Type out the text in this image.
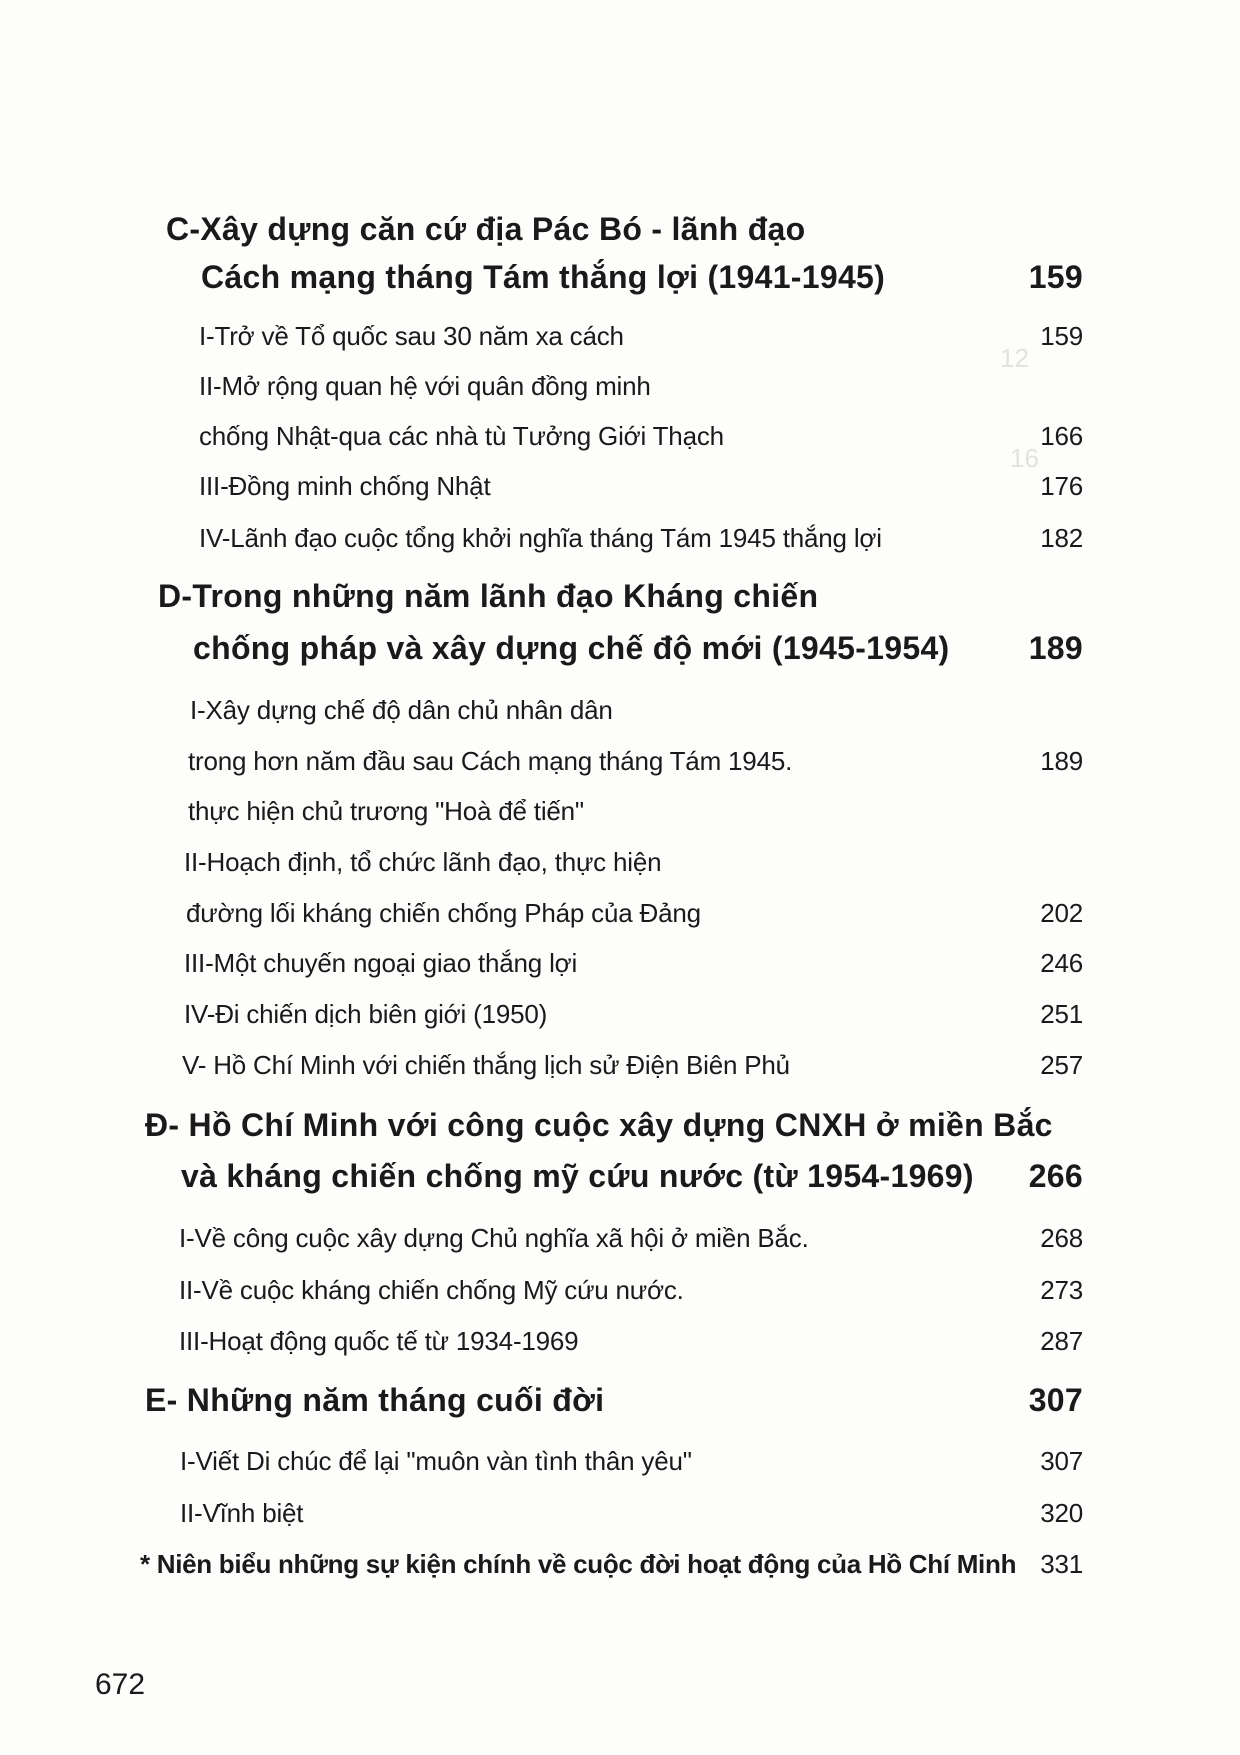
12
16
C-Xây dựng căn cứ địa Pác Bó - lãnh đạo
Cách mạng tháng Tám thắng lợi (1941-1945)	159
I-Trở về Tổ quốc sau 30 năm xa cách	159
II-Mở rộng quan hệ với quân đồng minh
chống Nhật-qua các nhà tù Tưởng Giới Thạch	166
III-Đồng minh chống Nhật	176
IV-Lãnh đạo cuộc tổng khởi nghĩa tháng Tám 1945 thắng lợi	182
D-Trong những năm lãnh đạo Kháng chiến
chống pháp và xây dựng chế độ mới (1945-1954) 189
I-Xây dựng chế độ dân chủ nhân dân
trong hơn năm đầu sau Cách mạng tháng Tám 1945.	189
thực hiện chủ trương "Hoà để tiến"
II-Hoạch định, tổ chức lãnh đạo, thực hiện
đường lối kháng chiến chống Pháp của Đảng	202
III-Một chuyến ngoại giao thắng lợi	246
IV-Đi chiến dịch biên giới (1950)	251
V- Hồ Chí Minh với chiến thắng lịch sử Điện Biên Phủ	257
Đ- Hồ Chí Minh với công cuộc xây dựng CNXH ở miền Bắc
và kháng chiến chống mỹ cứu nước (từ 1954-1969) 266
I-Về công cuộc xây dựng Chủ nghĩa xã hội ở miền Bắc.	268
II-Về cuộc kháng chiến chống Mỹ cứu nước.	273
III-Hoạt động quốc tế từ 1934-1969	287
E- Những năm tháng cuối đời	307
I-Viết Di chúc để lại "muôn vàn tình thân yêu"	307
II-Vĩnh biệt	320
* Niên biểu những sự kiện chính về cuộc đời hoạt động của Hồ Chí Minh 331
672
